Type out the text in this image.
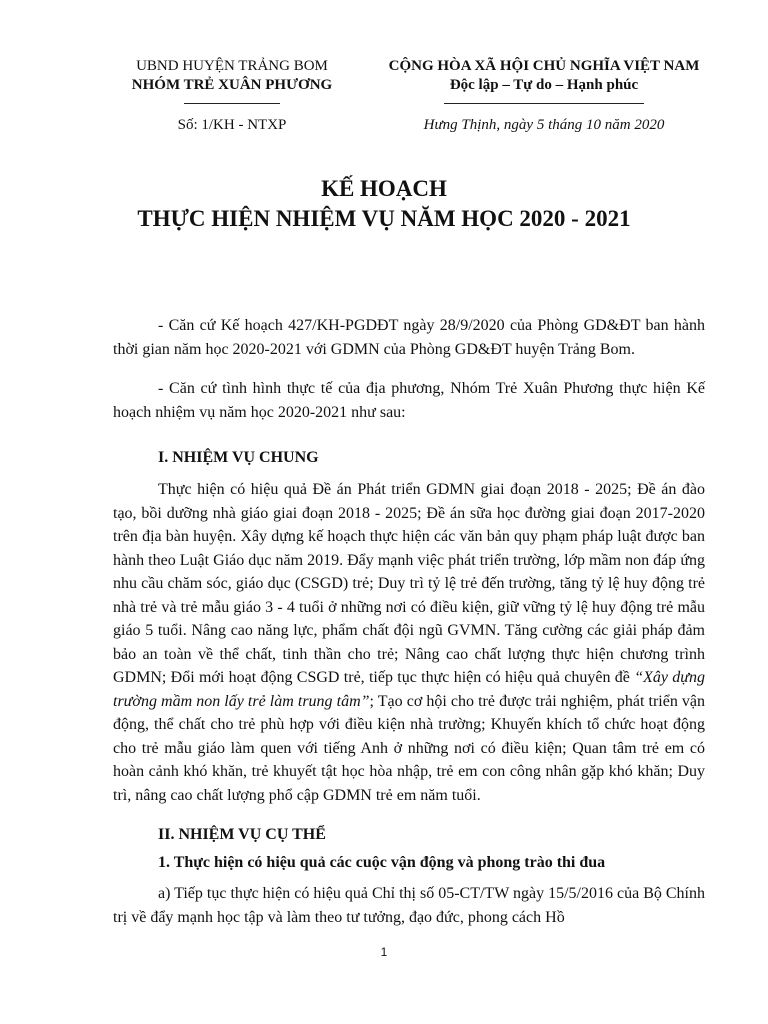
UBND HUYỆN TRẢNG BOM
NHÓM TRẺ XUÂN PHƯƠNG
Số: 1/KH - NTXP
CỘNG HÒA XÃ HỘI CHỦ NGHĨA VIỆT NAM
Độc lập – Tự do – Hạnh phúc
Hưng Thịnh, ngày 5 tháng 10 năm 2020
KẾ HOẠCH
THỰC HIỆN NHIỆM VỤ NĂM HỌC 2020 - 2021
- Căn cứ Kế hoạch 427/KH-PGDĐT ngày 28/9/2020 của Phòng GD&ĐT ban hành thời gian năm học 2020-2021 với GDMN của Phòng GD&ĐT huyện Trảng Bom.
- Căn cứ tình hình thực tế của địa phương, Nhóm Trẻ Xuân Phương thực hiện Kế hoạch nhiệm vụ năm học 2020-2021 như sau:
I. NHIỆM VỤ CHUNG
Thực hiện có hiệu quả Đề án Phát triển GDMN giai đoạn 2018 - 2025; Đề án đào tạo, bồi dưỡng nhà giáo giai đoạn 2018 - 2025; Đề án sữa học đường giai đoạn 2017-2020 trên địa bàn huyện. Xây dựng kế hoạch thực hiện các văn bản quy phạm pháp luật được ban hành theo Luật Giáo dục năm 2019. Đẩy mạnh việc phát triển trường, lớp mầm non đáp ứng nhu cầu chăm sóc, giáo dục (CSGD) trẻ; Duy trì tỷ lệ trẻ đến trường, tăng tỷ lệ huy động trẻ nhà trẻ và trẻ mẫu giáo 3 - 4 tuổi ở những nơi có điều kiện, giữ vững tỷ lệ huy động trẻ mẫu giáo 5 tuổi. Nâng cao năng lực, phẩm chất đội ngũ GVMN. Tăng cường các giải pháp đảm bảo an toàn về thể chất, tinh thần cho trẻ; Nâng cao chất lượng thực hiện chương trình GDMN; Đổi mới hoạt động CSGD trẻ, tiếp tục thực hiện có hiệu quả chuyên đề “Xây dựng trường mầm non lấy trẻ làm trung tâm”; Tạo cơ hội cho trẻ được trải nghiệm, phát triển vận động, thể chất cho trẻ phù hợp với điều kiện nhà trường; Khuyến khích tổ chức hoạt động cho trẻ mẫu giáo làm quen với tiếng Anh ở những nơi có điều kiện; Quan tâm trẻ em có hoàn cảnh khó khăn, trẻ khuyết tật học hòa nhập, trẻ em con công nhân gặp khó khăn; Duy trì, nâng cao chất lượng phổ cập GDMN trẻ em năm tuổi.
II. NHIỆM VỤ CỤ THỂ
1. Thực hiện có hiệu quả các cuộc vận động và phong trào thi đua
a) Tiếp tục thực hiện có hiệu quả Chỉ thị số 05-CT/TW ngày 15/5/2016 của Bộ Chính trị về đẩy mạnh học tập và làm theo tư tưởng, đạo đức, phong cách Hồ
1
